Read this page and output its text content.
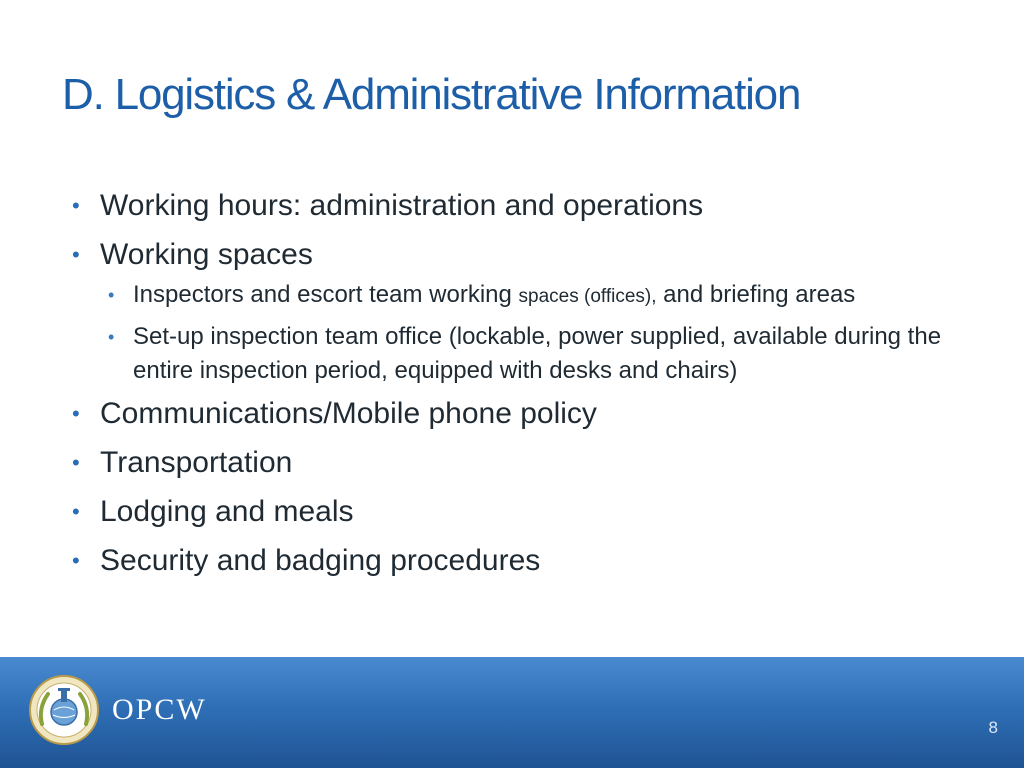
D. Logistics & Administrative Information
• Working hours: administration and operations
• Working spaces
• Inspectors and escort team working spaces (offices), and briefing areas
• Set-up inspection team office (lockable, power supplied, available during the entire inspection period, equipped with desks and chairs)
• Communications/Mobile phone policy
• Transportation
• Lodging and meals
• Security and badging procedures
OPCW
8
